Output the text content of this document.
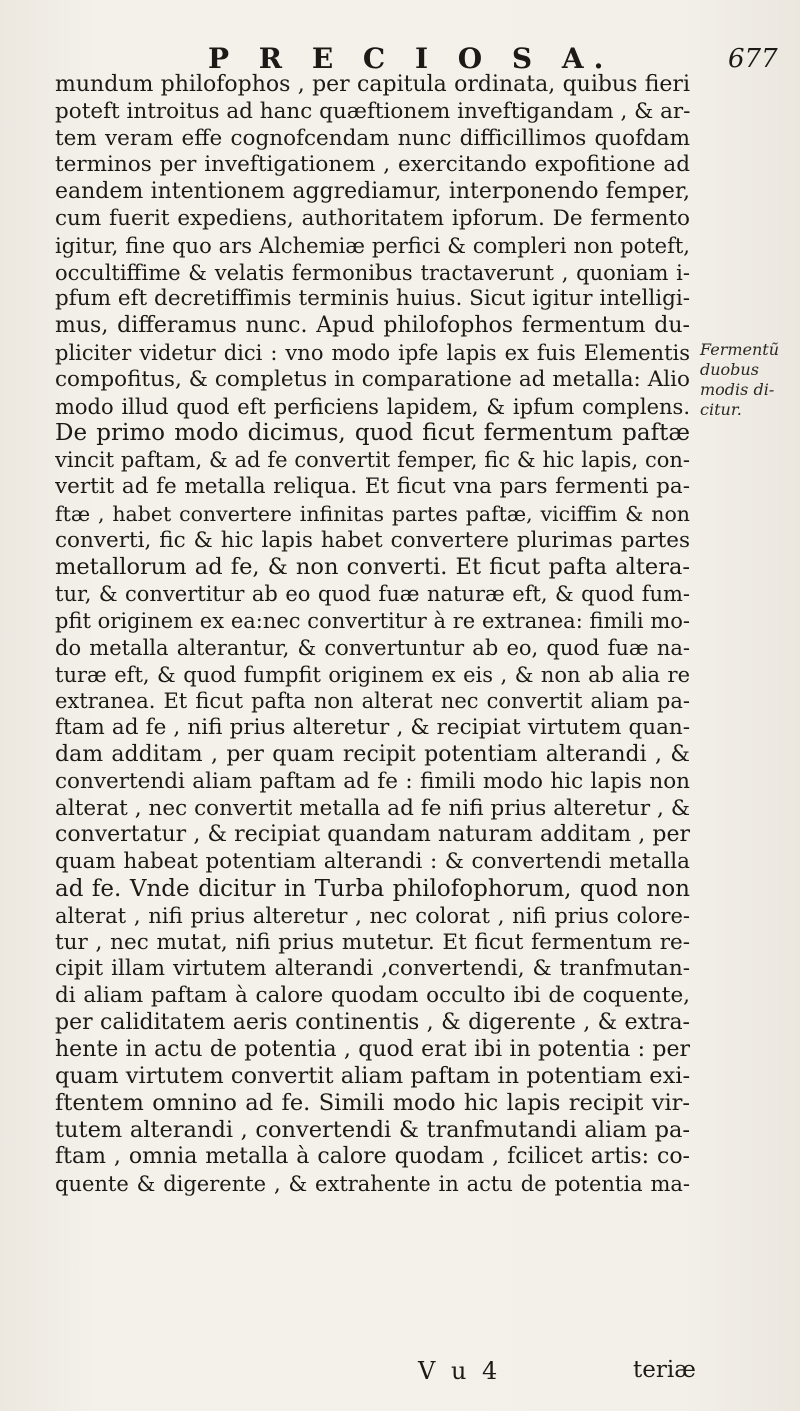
P R E C I O S A.	677
mundum philofophos , per capitula ordinata, quibus fieri
poteft introitus ad hanc quæftionem inveftigandam , & ar-
tem veram effe cognofcendam nunc difficillimos quofdam
terminos per inveftigationem , exercitando expofitione ad
eandem intentionem aggrediamur, interponendo femper,
cum fuerit expediens, authoritatem ipforum. De fermento
igitur, fine quo ars Alchemiæ perfici & compleri non poteft,
occultiffime & velatis fermonibus tractaverunt , quoniam i-
pfum eft decretiffimis terminis huius. Sicut igitur intelligi-
mus, differamus nunc. Apud philofophos fermentum du-
pliciter videtur dici : vno modo ipfe lapis ex fuis Elementis
compofitus, & completus in comparatione ad metalla: Alio
modo illud quod eft perficiens lapidem, & ipfum complens.
De primo modo dicimus, quod ficut fermentum paftæ
vincit paftam, & ad fe convertit femper, fic & hic lapis, con-
vertit ad fe metalla reliqua. Et ficut vna pars fermenti pa-
ftæ , habet convertere infinitas partes paftæ, viciffim & non
converti, fic & hic lapis habet convertere plurimas partes
metallorum ad fe, & non converti. Et ficut pafta altera-
tur, & convertitur ab eo quod fuæ naturæ eft, & quod fum-
pfit originem ex ea:nec convertitur à re extranea: fimili mo-
do metalla alterantur, & convertuntur ab eo, quod fuæ na-
turæ eft, & quod fumpfit originem ex eis , & non ab alia re
extranea. Et ficut pafta non alterat nec convertit aliam pa-
ftam ad fe , nifi prius alteretur , & recipiat virtutem quan-
dam additam , per quam recipit potentiam alterandi , &
convertendi aliam paftam ad fe : fimili modo hic lapis non
alterat , nec convertit metalla ad fe nifi prius alteretur , &
convertatur , & recipiat quandam naturam additam , per
quam habeat potentiam alterandi : & convertendi metalla
ad fe. Vnde dicitur in Turba philofophorum, quod non
alterat , nifi prius alteretur , nec colorat , nifi prius colore-
tur , nec mutat, nifi prius mutetur. Et ficut fermentum re-
cipit illam virtutem alterandi ,convertendi, & tranfmutan-
di aliam paftam à calore quodam occulto ibi de coquente,
per caliditatem aeris continentis , & digerente , & extra-
hente in actu de potentia , quod erat ibi in potentia : per
quam virtutem convertit aliam paftam in potentiam exi-
ftentem omnino ad fe. Simili modo hic lapis recipit vir-
tutem alterandi , convertendi & tranfmutandi aliam pa-
ftam , omnia metalla à calore quodam , fcilicet artis: co-
quente & digerente , & extrahente in actu de potentia ma-
Fermentũ
duobus
modis di-
citur.
V u 4	teriæ
